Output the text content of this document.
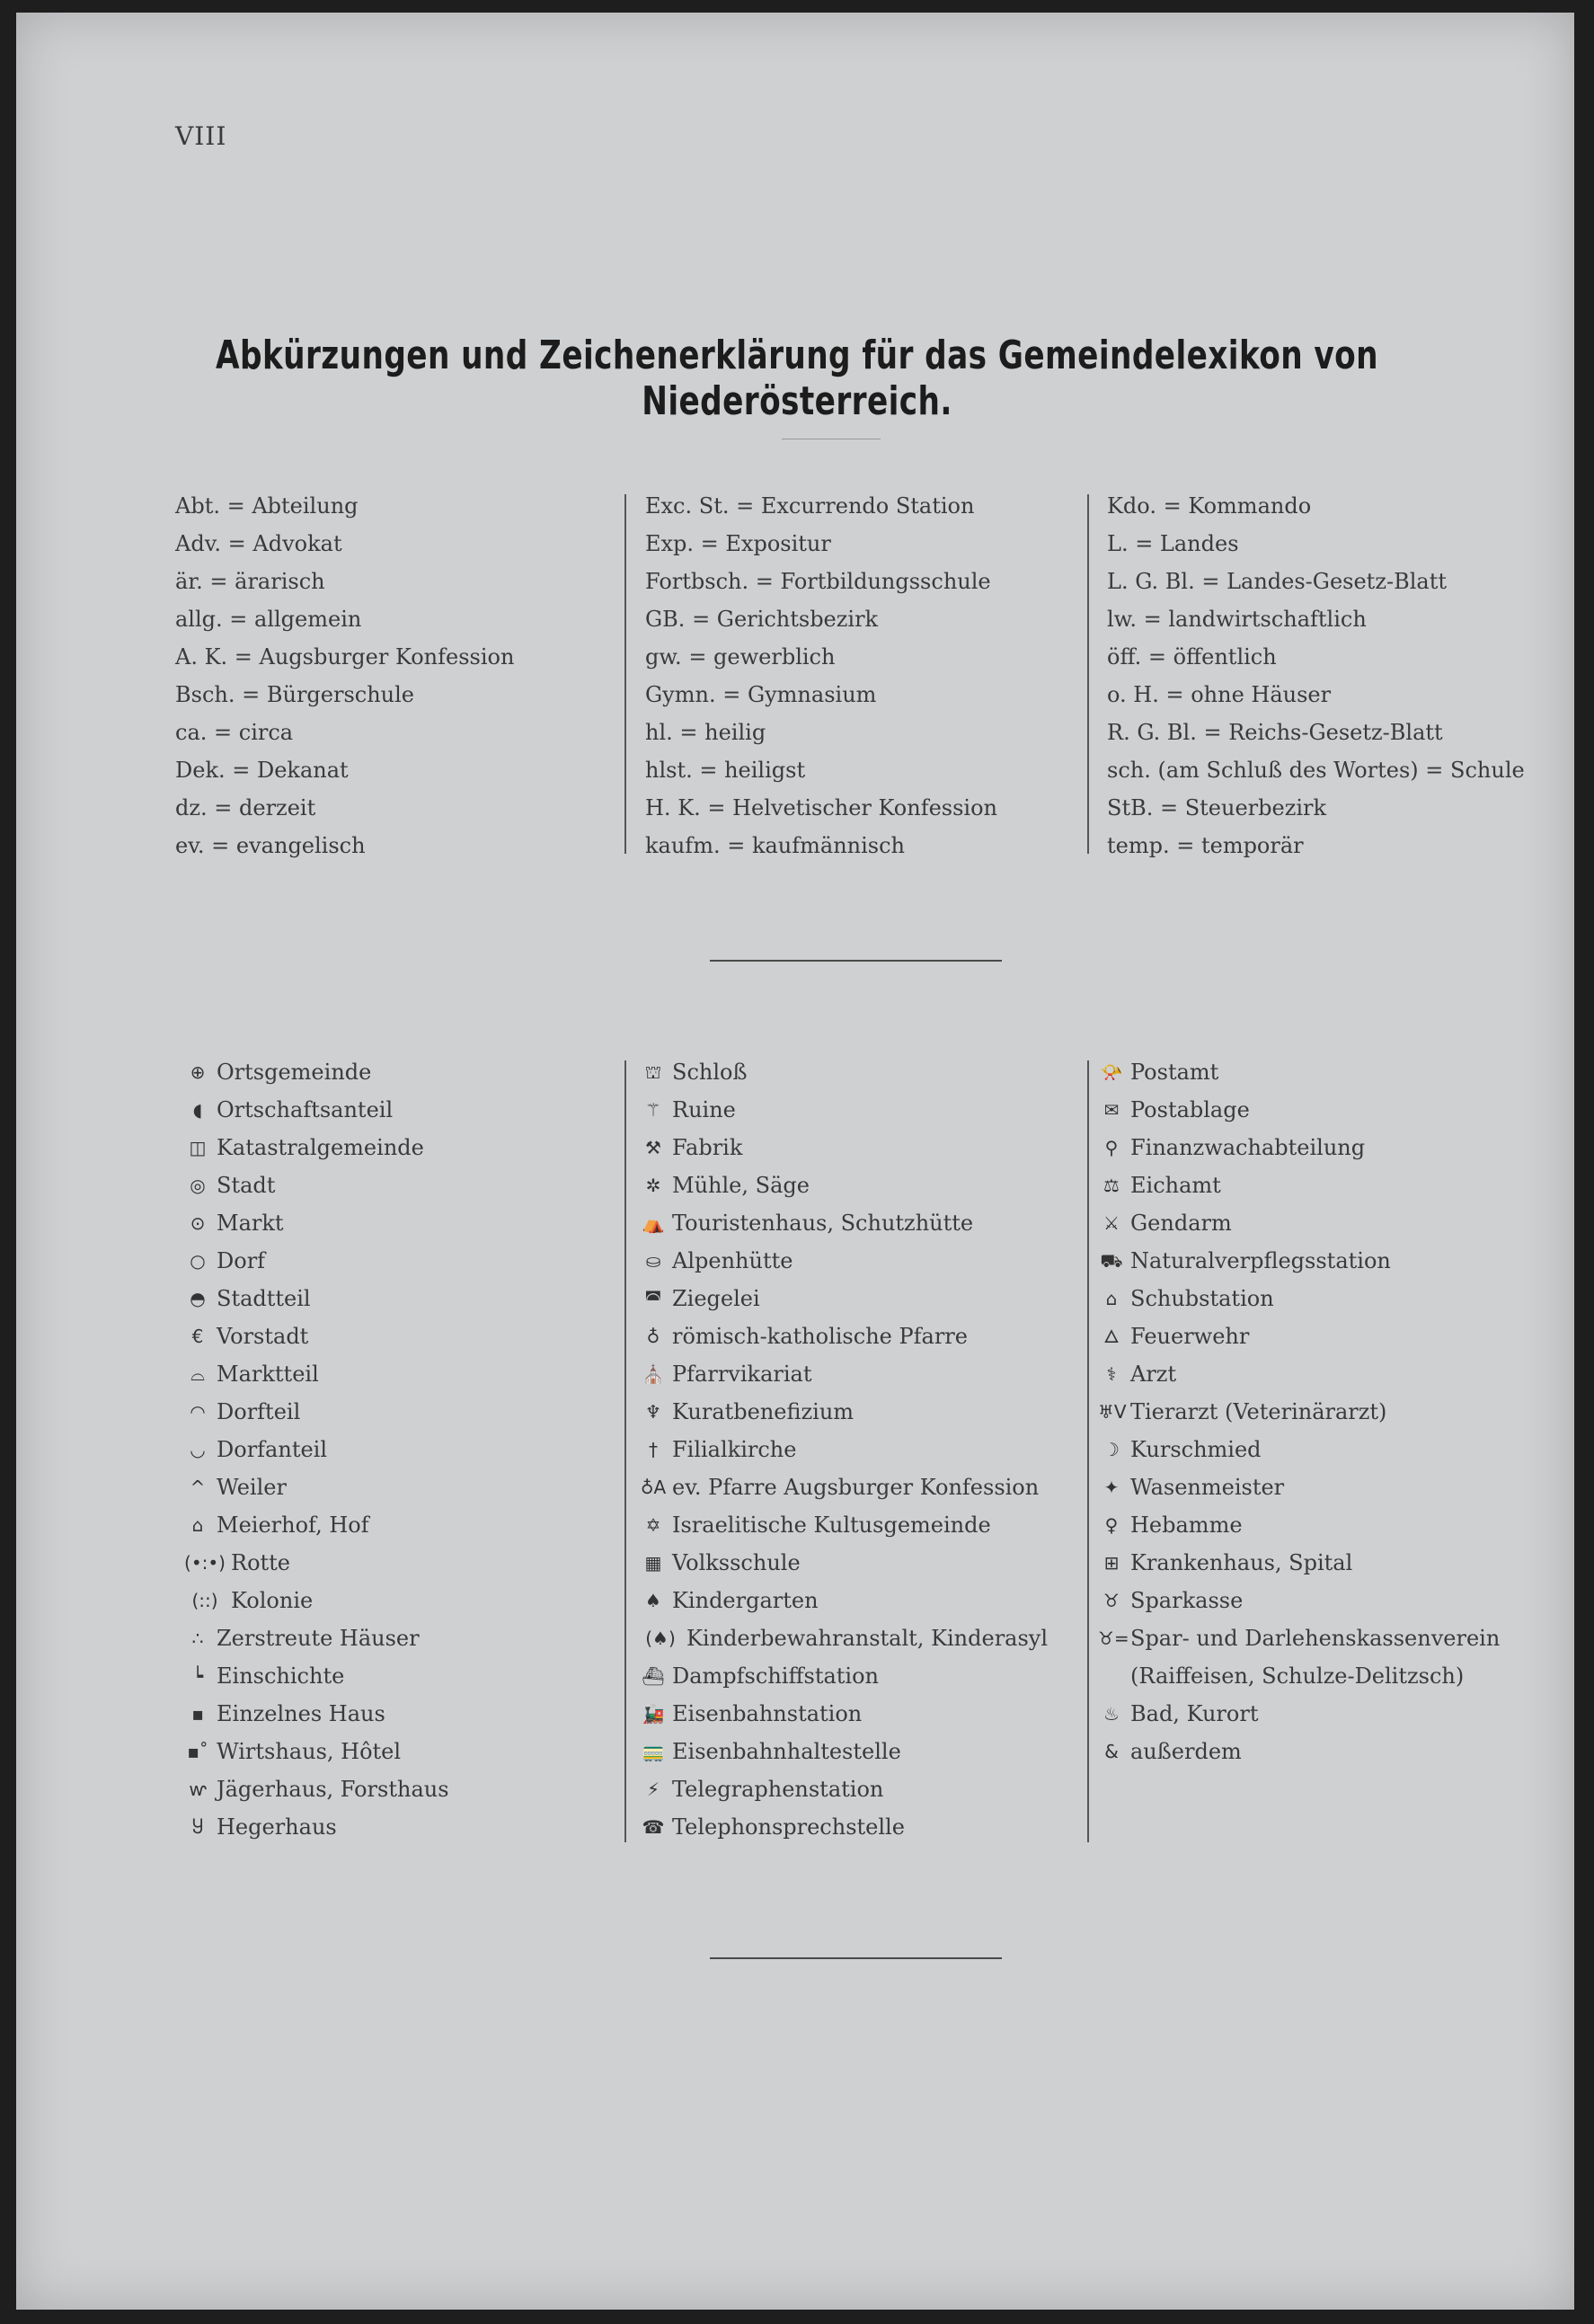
VIII
Abkürzungen und Zeichenerklärung für das Gemeindelexikon von Niederösterreich.
Abt. = Abteilung
Adv. = Advokat
är. = ärarisch
allg. = allgemein
A. K. = Augsburger Konfession
Bsch. = Bürgerschule
ca. = circa
Dek. = Dekanat
dz. = derzeit
ev. = evangelisch
Exc. St. = Excurrendo Station
Exp. = Expositur
Fortbsch. = Fortbildungsschule
GB. = Gerichtsbezirk
gw. = gewerblich
Gymn. = Gymnasium
hl. = heilig
hlst. = heiligst
H. K. = Helvetischer Konfession
kaufm. = kaufmännisch
Kdo. = Kommando
L. = Landes
L. G. Bl. = Landes-Gesetz-Blatt
lw. = landwirtschaftlich
öff. = öffentlich
o. H. = ohne Häuser
R. G. Bl. = Reichs-Gesetz-Blatt
sch. (am Schluß des Wortes) = Schule
StB. = Steuerbezirk
temp. = temporär
⊕ Ortsgemeinde
◖ Ortschaftsanteil
◫ Katastralgemeinde
◎ Stadt
⊙ Markt
○ Dorf
◓ Stadtteil
€ Vorstadt
⌓ Marktteil
◠ Dorfteil
◡ Dorfanteil
^ Weiler
⌂ Meierhof, Hof
(•:•) Rotte
(::) Kolonie
∴ Zerstreute Häuser
┕ Einschichte
▪ Einzelnes Haus
▪˚ Wirtshaus, Hôtel
ⱳ Jägerhaus, Forsthaus
Ⴘ Hegerhaus
⛫ Schloß
⚚ Ruine
⚒ Fabrik
✲ Mühle, Säge
⛺ Touristenhaus, Schutzhütte
⛀ Alpenhütte
◚ Ziegelei
♁ römisch-katholische Pfarre
⛪ Pfarrvikariat
♆ Kuratbenefizium
† Filialkirche
♁A ev. Pfarre Augsburger Konfession
✡ Israelitische Kultusgemeinde
▦ Volksschule
♠ Kindergarten
(♠) Kinderbewahranstalt, Kinderasyl
⛴ Dampfschiffstation
🚂 Eisenbahnstation
🚃 Eisenbahnhaltestelle
⚡ Telegraphenstation
☎ Telephonsprechstelle
📯 Postamt
✉ Postablage
⚲ Finanzwachabteilung
⚖ Eichamt
⚔ Gendarm
⛟ Naturalverpflegsstation
⌂ Schubstation
🜂 Feuerwehr
⚕ Arzt
♅V Tierarzt (Veterinärarzt)
☽ Kurschmied
✦ Wasenmeister
♀ Hebamme
⊞ Krankenhaus, Spital
♉ Sparkasse
♉= Spar- und Darlehenskassenverein
(Raiffeisen, Schulze-Delitzsch)
♨ Bad, Kurort
& außerdem
